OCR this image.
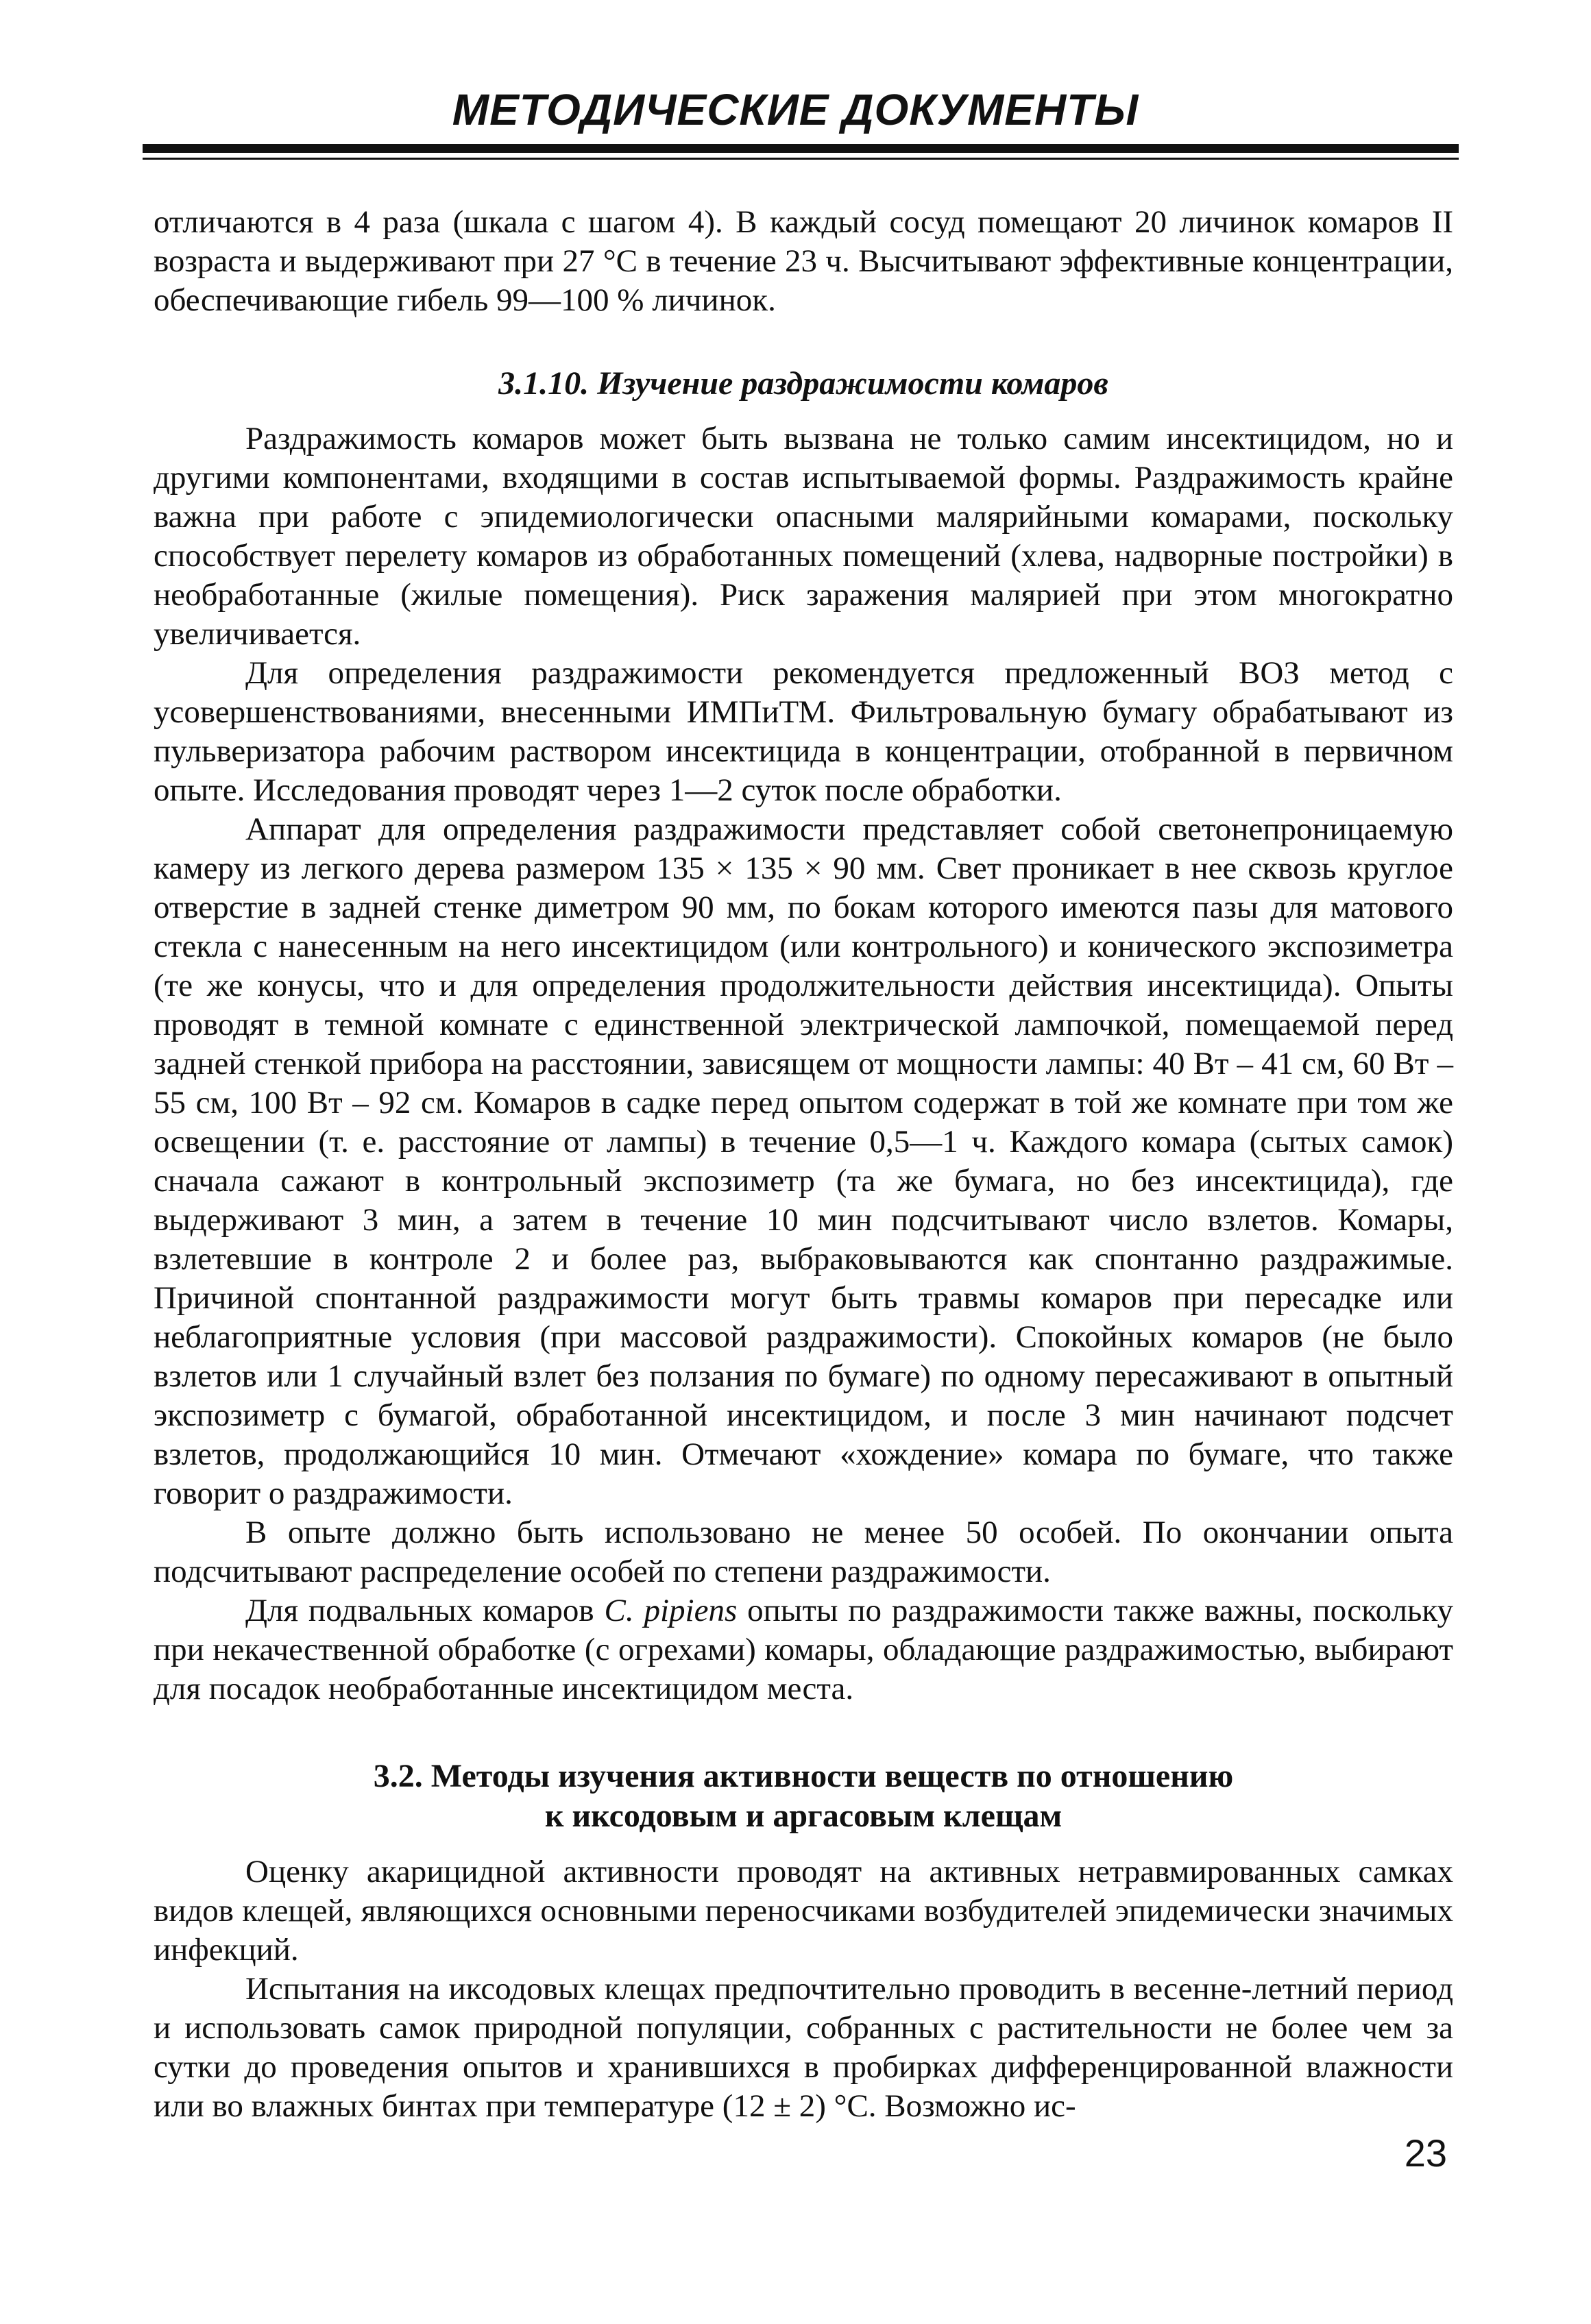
МЕТОДИЧЕСКИЕ ДОКУМЕНТЫ

отличаются в 4 раза (шкала с шагом 4). В каждый сосуд помещают 20 личинок комаров II возраста и выдерживают при 27 °С в течение 23 ч. Высчитывают эффективные концентрации, обеспечивающие гибель 99—100 % личинок.

3.1.10. Изучение раздражимости комаров

Раздражимость комаров может быть вызвана не только самим инсектицидом, но и другими компонентами, входящими в состав испытываемой формы. Раздражимость крайне важна при работе с эпидемиологически опасными малярийными комарами, поскольку способствует перелету комаров из обработанных помещений (хлева, надворные постройки) в необработанные (жилые помещения). Риск заражения малярией при этом многократно увеличивается.

Для определения раздражимости рекомендуется предложенный ВОЗ метод с усовершенствованиями, внесенными ИМПиТМ. Фильтровальную бумагу обрабатывают из пульверизатора рабочим раствором инсектицида в концентрации, отобранной в первичном опыте. Исследования проводят через 1—2 суток после обработки.

Аппарат для определения раздражимости представляет собой светонепроницаемую камеру из легкого дерева размером 135 × 135 × 90 мм. Свет проникает в нее сквозь круглое отверстие в задней стенке диметром 90 мм, по бокам которого имеются пазы для матового стекла с нанесенным на него инсектицидом (или контрольного) и конического экспозиметра (те же конусы, что и для определения продолжительности действия инсектицида). Опыты проводят в темной комнате с единственной электрической лампочкой, помещаемой перед задней стенкой прибора на расстоянии, зависящем от мощности лампы: 40 Вт – 41 см, 60 Вт – 55 см, 100 Вт – 92 см. Комаров в садке перед опытом содержат в той же комнате при том же освещении (т. е. расстояние от лампы) в течение 0,5—1 ч. Каждого комара (сытых самок) сначала сажают в контрольный экспозиметр (та же бумага, но без инсектицида), где выдерживают 3 мин, а затем в течение 10 мин подсчитывают число взлетов. Комары, взлетевшие в контроле 2 и более раз, выбраковываются как спонтанно раздражимые. Причиной спонтанной раздражимости могут быть травмы комаров при пересадке или неблагоприятные условия (при массовой раздражимости). Спокойных комаров (не было взлетов или 1 случайный взлет без ползания по бумаге) по одному пересаживают в опытный экспозиметр с бумагой, обработанной инсектицидом, и после 3 мин начинают подсчет взлетов, продолжающийся 10 мин. Отмечают «хождение» комара по бумаге, что также говорит о раздражимости.

В опыте должно быть использовано не менее 50 особей. По окончании опыта подсчитывают распределение особей по степени раздражимости.

Для подвальных комаров C. pipiens опыты по раздражимости также важны, поскольку при некачественной обработке (с огрехами) комары, обладающие раздражимостью, выбирают для посадок необработанные инсектицидом места.

3.2. Методы изучения активности веществ по отношению
к иксодовым и аргасовым клещам

Оценку акарицидной активности проводят на активных нетравмированных самках видов клещей, являющихся основными переносчиками возбудителей эпидемически значимых инфекций.

Испытания на иксодовых клещах предпочтительно проводить в весенне-летний период и использовать самок природной популяции, собранных с растительности не более чем за сутки до проведения опытов и хранившихся в пробирках дифференцированной влажности или во влажных бинтах при температуре (12 ± 2) °С. Возможно ис-

23
